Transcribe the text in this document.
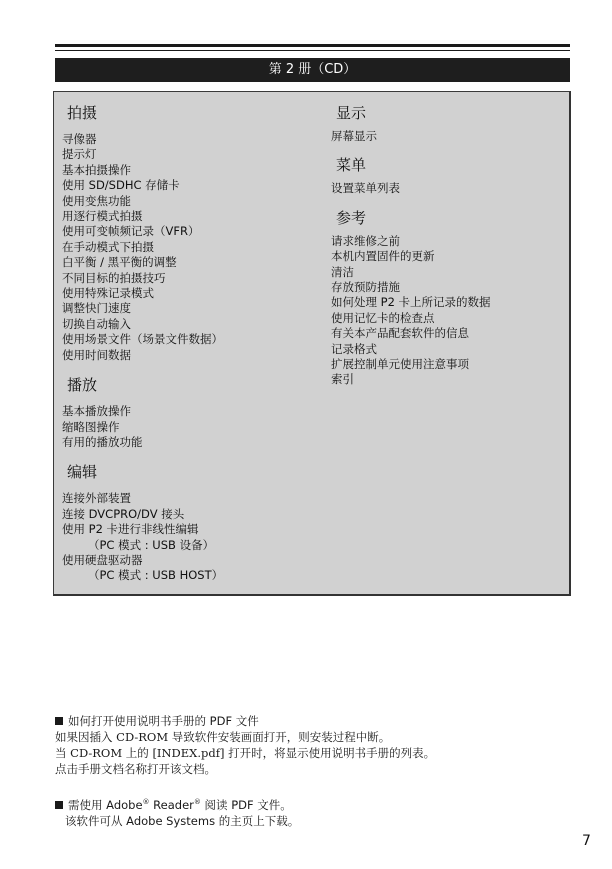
第 2 册（CD）
拍摄
寻像器
提示灯
基本拍摄操作
使用 SD/SDHC 存储卡
使用变焦功能
用逐行模式拍摄
使用可变帧频记录（VFR）
在手动模式下拍摄
白平衡 / 黑平衡的调整
不同目标的拍摄技巧
使用特殊记录模式
调整快门速度
切换自动输入
使用场景文件（场景文件数据）
使用时间数据
播放
基本播放操作
缩略图操作
有用的播放功能
编辑
连接外部装置
连接 DVCPRO/DV 接头
使用 P2 卡进行非线性编辑
（PC 模式 : USB 设备）
使用硬盘驱动器
（PC 模式 : USB HOST）
显示
屏幕显示
菜单
设置菜单列表
参考
请求维修之前
本机内置固件的更新
清洁
存放预防措施
如何处理 P2 卡上所记录的数据
使用记忆卡的检查点
有关本产品配套软件的信息
记录格式
扩展控制单元使用注意事项
索引
如何打开使用说明书手册的 PDF 文件
如果因插入 CD-ROM 导致软件安装画面打开，则安装过程中断。
当 CD-ROM 上的 [INDEX.pdf] 打开时，将显示使用说明书手册的列表。
点击手册文档名称打开该文档。
需使用 Adobe® Reader® 阅读 PDF 文件。
该软件可从 Adobe Systems 的主页上下载。
7
